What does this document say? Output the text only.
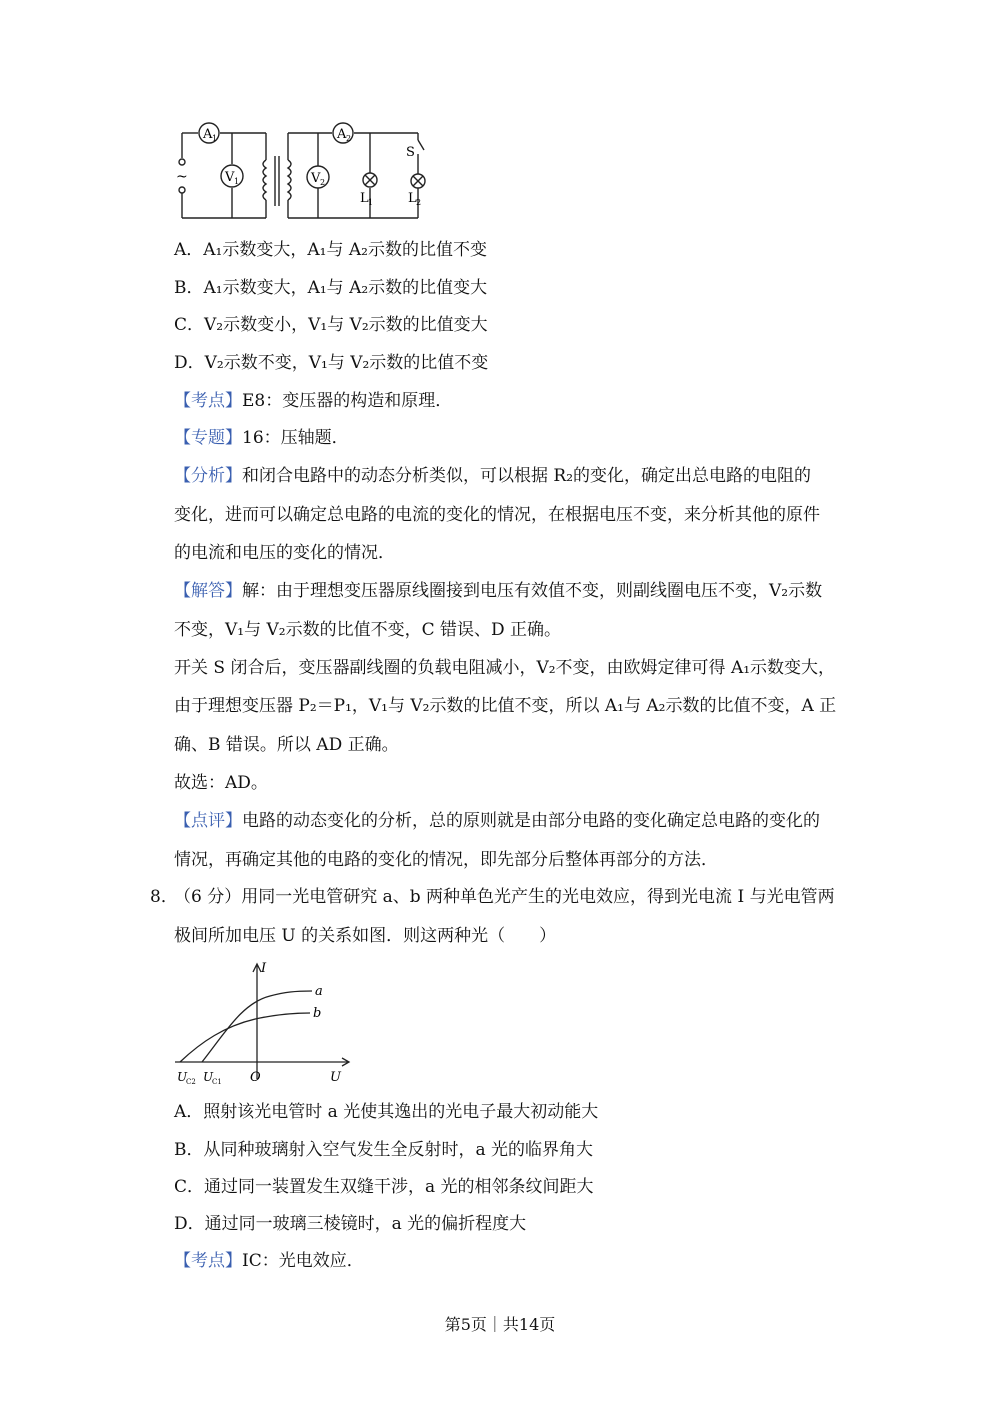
A 1
V 1	V 2
A 2
S
L 1	L 2
~
A．A₁示数变大，A₁与 A₂示数的比值不变
B．A₁示数变大，A₁与 A₂示数的比值变大
C．V₂示数变小，V₁与 V₂示数的比值变大
D．V₂示数不变，V₁与 V₂示数的比值不变
【考点】E8：变压器的构造和原理．
【专题】16：压轴题．
【分析】和闭合电路中的动态分析类似，可以根据 R₂的变化，确定出总电路的电阻的
变化，进而可以确定总电路的电流的变化的情况，在根据电压不变，来分析其他的原件
的电流和电压的变化的情况．
【解答】解：由于理想变压器原线圈接到电压有效值不变，则副线圈电压不变，V₂示数
不变，V₁与 V₂示数的比值不变，C 错误、D 正确。
开关 S 闭合后，变压器副线圈的负载电阻减小，V₂不变，由欧姆定律可得 A₁示数变大，
由于理想变压器 P₂＝P₁，V₁与 V₂示数的比值不变，所以 A₁与 A₂示数的比值不变，A 正
确、B 错误。所以 AD 正确。
故选：AD。
【点评】电路的动态变化的分析，总的原则就是由部分电路的变化确定总电路的变化的
情况，再确定其他的电路的变化的情况，即先部分后整体再部分的方法．
8．
（6 分）用同一光电管研究 a、b 两种单色光产生的光电效应，得到光电流 I 与光电管两
极间所加电压 U 的关系如图．则这两种光（　　）
I
U
O
a
b
U
C2 U
C1
A．照射该光电管时 a 光使其逸出的光电子最大初动能大
B．从同种玻璃射入空气发生全反射时，a 光的临界角大
C．通过同一装置发生双缝干涉，a 光的相邻条纹间距大
D．通过同一玻璃三棱镜时，a 光的偏折程度大
【考点】IC：光电效应．
第5页｜共14页
